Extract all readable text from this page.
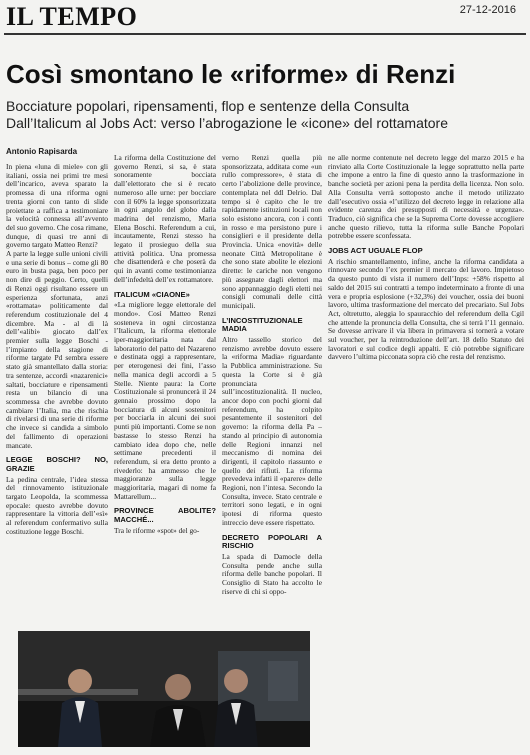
IL TEMPO	27-12-2016
Così smontano le «riforme» di Renzi
Bocciature popolari, ripensamenti, flop e sentenze della Consulta
Dall’Italicum al Jobs Act: verso l’abrogazione le «icone» del rottamatore
Antonio Rapisarda

In piena «luna di miele» con gli italiani, ossia nei primi tre mesi dell’incarico, aveva sparato la promessa di una riforma ogni trenta giorni con tanto di slide proiettate a raffica a testimoniare la velocità connessa all’avvento del suo governo. Che cosa rimane, dunque, di quasi tre anni di governo targato Matteo Renzi?

A parte la legge sulle unioni civili e una serie di bonus – come gli 80 euro in busta paga, ben poco per non dire di peggio. Certo, quelli di Renzi oggi risultano essere un esperienza sfortunata, anzi «rottamata» politicamente dal referendum costituzionale del 4 dicembre. Ma - al di là dell’«alibi» giocato dall’ex premier sulla legge Boschi - l’impianto della stagione di riforme targate Pd sembra essere stato già smantellato dalla storia: tra sentenze, accordi «nazarenici» saltati, bocciature e ripensamenti resta un bilancio di una scommessa che avrebbe dovuto cambiare l’Italia, ma che rischia di rivelarsi di una serie di riforme che invece si candida a simbolo del fallimento di operazioni mancate.

LEGGE BOSCHI? NO, GRAZIE

La pedina centrale, l’idea stessa del rinnovamento istituzionale targato Leopolda, la scommessa epocale: questo avrebbe dovuto rappresentare la vittoria dell’«sì» al referendum confermativo sulla costituzione legge Boschi.

La riforma della Costituzione del governo Renzi, si sa, è stata sonoramente bocciata dall’elettorato che si è recato numeroso alle urne: per bocciare con il 60% la legge sponsorizzata in ogni angolo del globo dalla madrina del renzismo, Maria Elena Boschi. Referendum a cui, incautamente, Renzi stesso ha legato il prosieguo della sua attività politica. Una promessa che disattenderà e che poserà da qui in avanti come testimonianza dell’infedeltà dell’ex rottamatore.

ITALICUM «CIAONE»

«La migliore legge elettorale del mondo». Così Matteo Renzi sosteneva in ogni circostanza l’Italicum, la riforma elettorale iper-maggioritaria nata dal laboratorio del patto del Nazareno e destinata oggi a rappresentare, per eterogenesi dei fini, l’asso nella manica degli accordi a 5 Stelle. Niente paura: la Corte Costituzionale si pronuncerà il 24 gennaio prossimo dopo la bocciatura di alcuni sostenitori per bocciarla in alcuni dei suoi punti più importanti. Come se non bastasse lo stesso Renzi ha cambiato idea dopo che, nelle settimane precedenti il referendum, si era detto pronto a rivederlo: ha ammesso che le maggioranze sulla legge maggioritaria, magari di nome fa Mattarellum...

PROVINCE ABOLITE? MACCHÉ...

Tra le riforme «spot» del go-

verno Renzi quella più sponsorizzata, additata come «un rullo compressore», è stata di certo l’abolizione delle province, contemplata nel ddl Delrio. Dal tempo si è capito che le tre rapidamente istituzioni locali non solo esistono ancora, con i conti in rosso e ma persistono pure i consiglieri e il presidente della Provincia. Unica «novità» delle neonate Città Metropolitane è che sono state abolite le elezioni dirette: le cariche non vengono più assegnate dagli elettori ma sono appannaggio degli eletti nei consigli comunali delle città municipali.

L’INCOSTITUZIONALE MADIA

Altro tassello storico del renzismo avrebbe dovuto essere la «riforma Madia» riguardante la Pubblica amministrazione. Su questa la Corte si è già pronunciata sull’incostituzionalità. Il nucleo, ancor dopo con pochi giorni dal referendum, ha colpito pesantemente il sostenitori del governo: la riforma della Pa – stando al principio di autonomia delle Regioni innanzi nel meccanismo di nomina dei dirigenti, il capitolo riassunto e quello dei rifiuti. La riforma prevedeva infatti il «parere» delle Regioni, non l’intesa. Secondo la Consulta, invece. Stato centrale e territori sono legati, e in ogni ipotesi di riforma questo intreccio deve essere rispettato.

DECRETO POPOLARI A RISCHIO

La spada di Damocle della Consulta pende anche sulla riforma delle banche popolari. Il Consiglio di Stato ha accolto le riserve di chi si oppo-

ne alle norme contenute nel decreto legge del marzo 2015 e ha rinviato alla Corte Costituzionale la legge soprattutto nella parte che impone a entro la fine di questo anno la trasformazione in banche società per azioni pena la perdita della licenza. Non solo. Alla Consulta verrà sottoposto anche il metodo utilizzato dall’esecutivo ossia «l’utilizzo del decreto legge in relazione alla evidente carenza dei presupposti di necessità e urgenza». Traduco, ciò significa che se la Suprema Corte dovesse accogliere anche questo rilievo, tutta la riforma sulle Banche Popolari potrebbe essere sconfessata.

JOBS ACT UGUALE FLOP

A rischio smantellamento, infine, anche la riforma candidata a rinnovare secondo l’ex premier il mercato del lavoro. Impietoso da questo punto di vista il numero dell’Inps: +58% rispetto al saldo del 2015 sui contratti a tempo indeterminato a fronte di una vera e propria esplosione (+32,3%) dei voucher, ossia dei buoni lavoro, ultima trasformazione del mercato del precariato. Sul Jobs Act, oltretutto, aleggia lo spauracchio del referendum della Cgil che attende la pronuncia della Consulta, che si terrà l’11 gennaio. Se dovesse arrivare il via libera in primavera si tornerà a votare sul voucher, per la reintroduzione dell’art. 18 dello Statuto dei lavoratori e sul codice degli appalti. E ciò potrebbe significare davvero l’ultima picconata sopra ciò che resta del renzismo.
